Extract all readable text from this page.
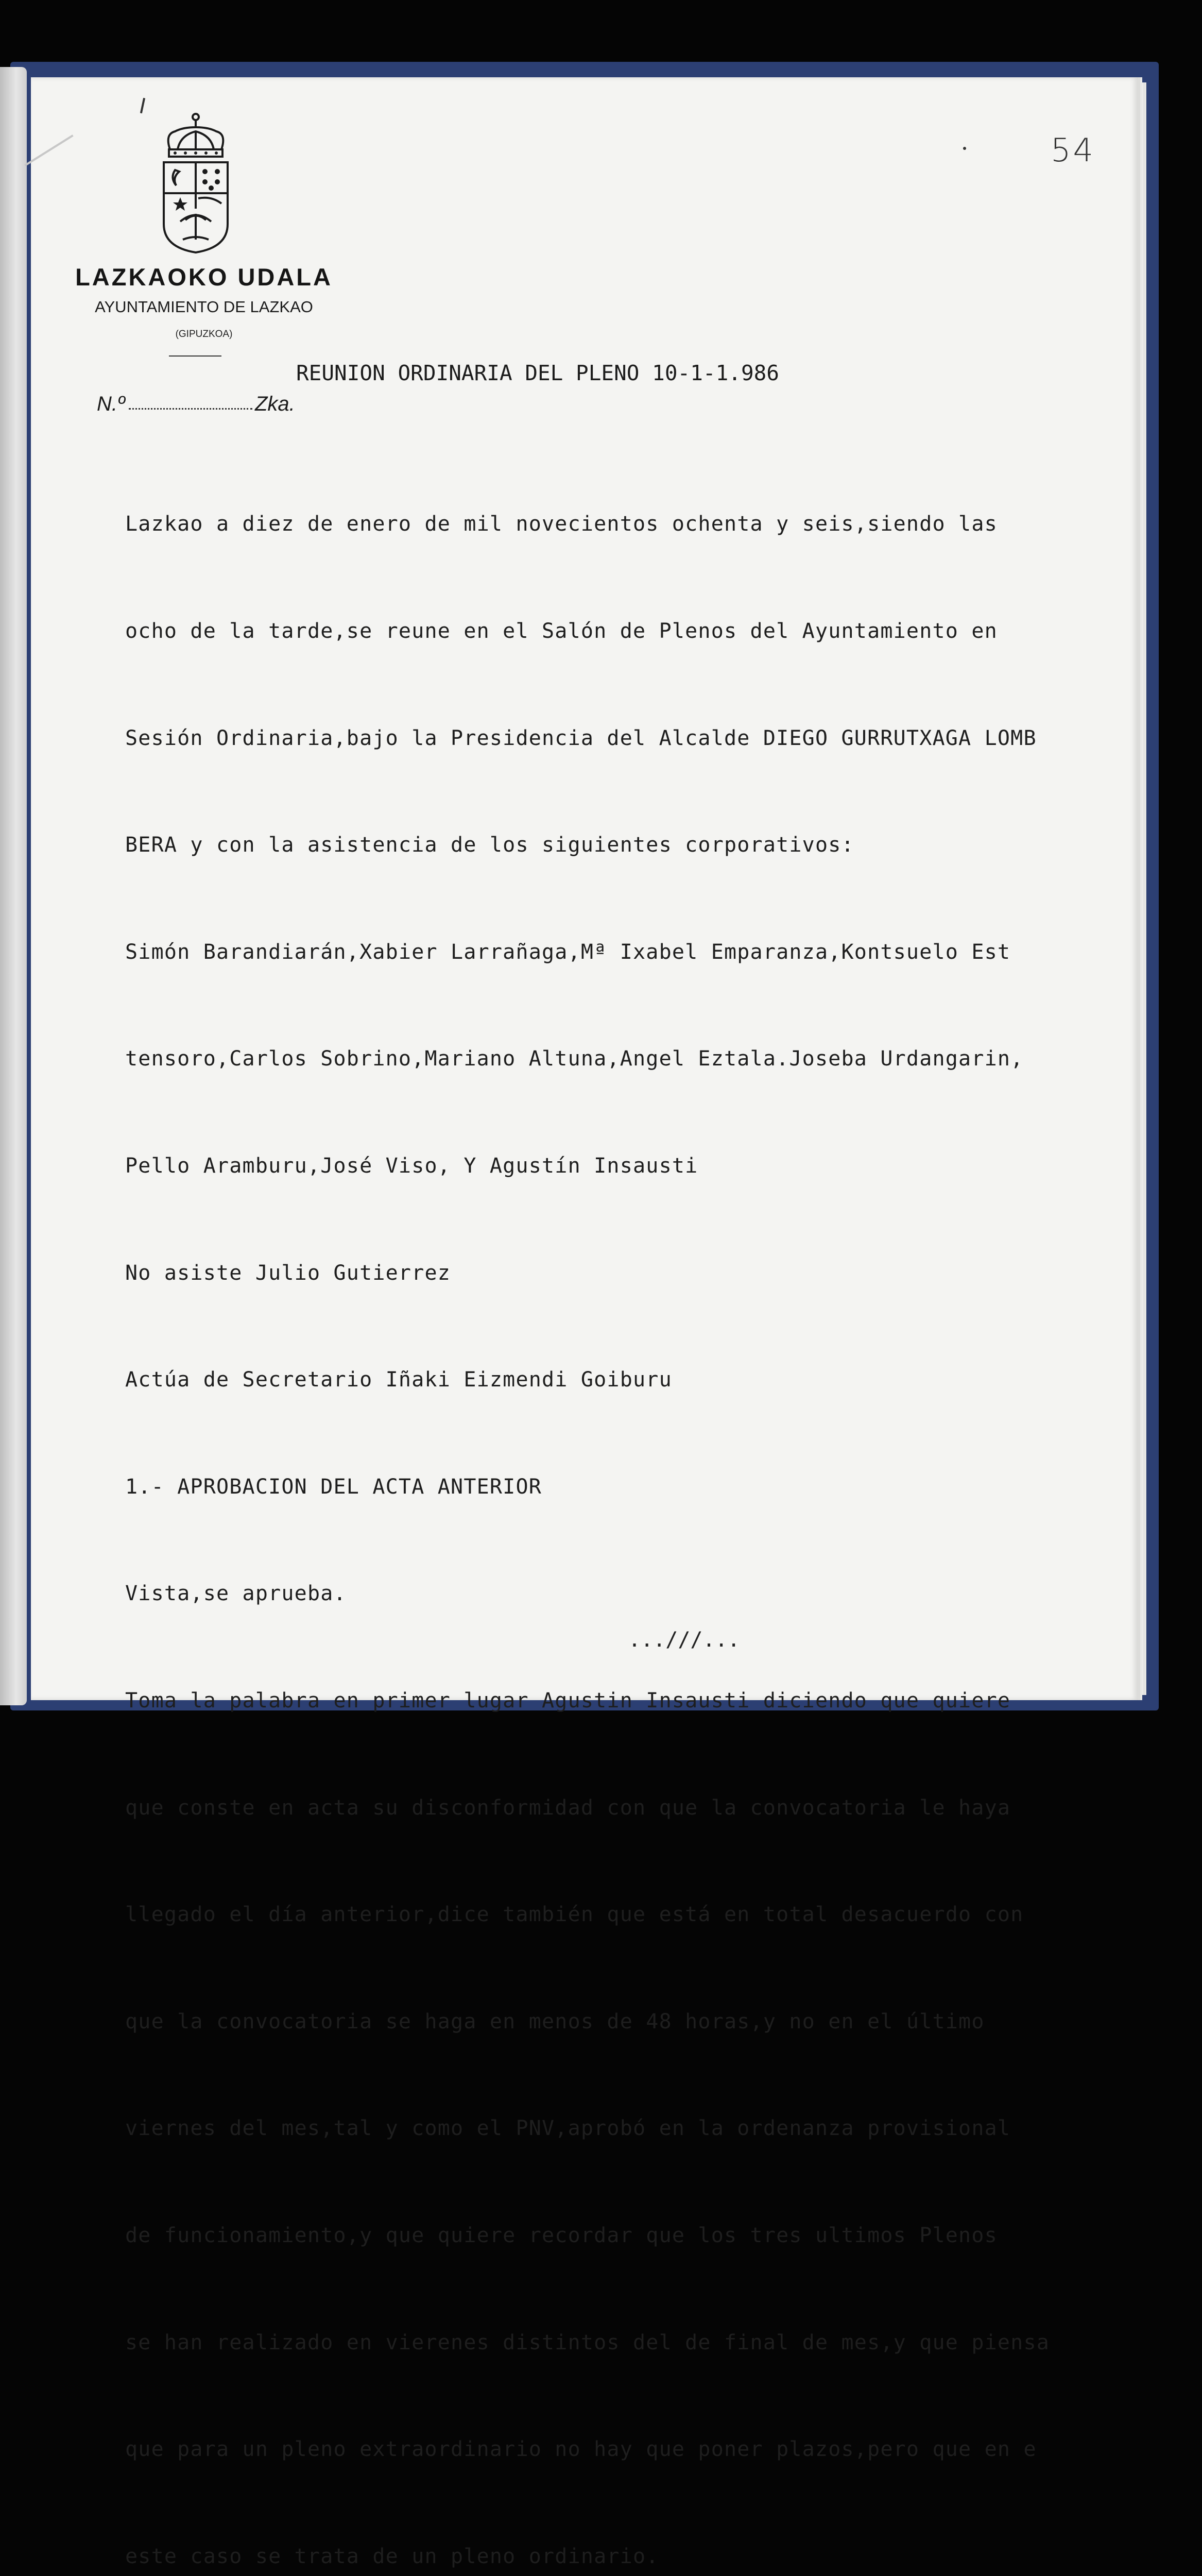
LAZKAOKO UDALA
AYUNTAMIENTO DE LAZKAO
(GIPUZKOA)
54
REUNION ORDINARIA DEL PLENO 10-1-1.986
N.º	Zka.

Lazkao a diez de enero de mil novecientos ochenta y seis,siendo las

ocho de la tarde,se reune en el Salón de Plenos del Ayuntamiento en

Sesión Ordinaria,bajo la Presidencia del Alcalde DIEGO GURRUTXAGA LOMB

BERA y con la asistencia de los siguientes corporativos:

Simón Barandiarán,Xabier Larrañaga,Mª Ixabel Emparanza,Kontsuelo Est

tensoro,Carlos Sobrino,Mariano Altuna,Angel Eztala.Joseba Urdangarin,

Pello Aramburu,José Viso, Y Agustín Insausti

No asiste Julio Gutierrez

Actúa de Secretario Iñaki Eizmendi Goiburu

1.- APROBACION DEL ACTA ANTERIOR

Vista,se aprueba.

Toma la palabra en primer lugar Agustin Insausti diciendo que quiere

que conste en acta su disconformidad con que la convocatoria le haya

llegado el día anterior,dice también que está en total desacuerdo con

que la convocatoria se haga en menos de 48 horas,y no en el último

viernes del mes,tal y como el PNV,aprobó en la ordenanza provisional

de funcionamiento,y que quiere recordar que los tres ultimos Plenos

se han realizado en vierenes distintos del de final de mes,y que piensa

que para un pleno extraordinario no hay que poner plazos,pero que en e

este caso se trata de un pleno ordinario.

...///...
